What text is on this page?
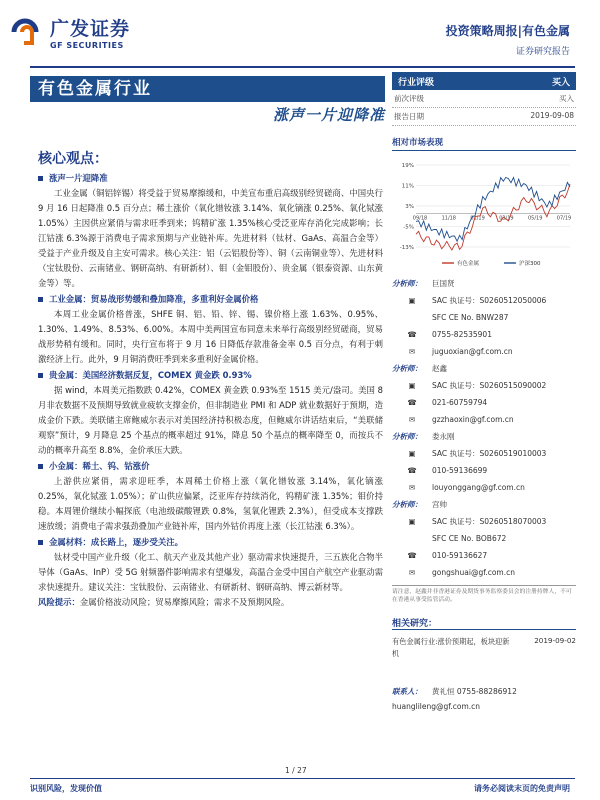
广发证券
GF SECURITIES
投资策略周报|有色金属
证券研究报告
有色金属行业
涨声一片迎降准
核心观点：
涨声一片迎降准

工业金属（铜铝锌锡）将受益于贸易摩擦缓和，中美宣布重启高级别经贸磋商、中国央行 9 月 16 日起降准 0.5 百分点；稀土涨价（氧化镨钕涨 3.14%、氧化镝涨 0.25%、氧化铽涨 1.05%）主因供应紧俏与需求旺季到来；钨精矿涨 1.35%核心受泛亚库存消化完成影响；长江钴涨 6.3%源于消费电子需求预期与产业链补库。先进材料（钛材、GaAs、高温合金等）受益于产业升级及自主安可需求。核心关注：铝（云铝股份等）、铜（云南铜业等）、先进材料（宝钛股份、云南锗业、钢研高纳、有研新材）、钼（金钼股份）、贵金属（银泰资源、山东黄金等）等。

工业金属：贸易战形势缓和叠加降准，多重利好金属价格

本周工业金属价格普涨，SHFE 铜、铝、铅、锌、锡、镍价格上涨 1.63%、0.95%、1.30%、1.49%、8.53%、6.00%。本周中美两国宣布同意未来举行高级别经贸磋商，贸易战形势稍有缓和。同时，央行宣布将于 9 月 16 日降低存款准备金率 0.5 百分点，有利于刺激经济上行。此外，9 月铜消费旺季到来多重利好金属价格。

贵金属：美国经济数据反复，COMEX 黄金跌 0.93%

据 wind，本周美元指数跌 0.42%，COMEX 黄金跌 0.93%至 1515 美元/盎司。美国 8 月非农数据不及预期导致就业疲软支撑金价，但非制造业 PMI 和 ADP 就业数据好于预期，造成金价下跌。美联储主席鲍威尔表示对美国经济持积极态度，但鲍威尔讲话结束后，“美联储观察”预计，9 月降息 25 个基点的概率超过 91%，降息 50 个基点的概率降至 0，而按兵不动的概率升高至 8.8%，金价承压大跌。

小金属：稀土、钨、钴涨价

上游供应紧俏，需求迎旺季，本周稀土价格上涨（氧化镨钕涨 3.14%，氧化镝涨 0.25%，氧化铽涨 1.05%）；矿山供应偏紧，泛亚库存持续消化，钨精矿涨 1.35%；钼价持稳。本周锂价继续小幅探底（电池级碳酸锂跌 0.8%，氢氧化锂跌 2.3%），但受成本支撑跌速放缓；消费电子需求强劲叠加产业链补库，国内外钴价再度上涨（长江钴涨 6.3%）。

金属材料：成长路上，逐步受关注。

钛材受中国产业升级（化工、航天产业及其他产业）驱动需求快速提升，三五族化合物半导体（GaAs、InP）受 5G 射频器件影响需求有望爆发，高温合金受中国自产航空产业驱动需求快速提升。建议关注：宝钛股份、云南锗业、有研新材、钢研高纳、博云新材等。

风险提示：金属价格波动风险；贸易摩擦风险；需求不及预期风险。

行业评级	买入
前次评级	买入
报告日期	2019-09-08
相对市场表现
19%
11%
3%
-5%
-13%
09/18	11/18	01/19	03/19	05/19	07/19
有色金属	沪深300
分析师：	巨国贤
▣	SAC 执证号：S0260512050006
SFC CE No. BNW287
☎	0755-82535901
✉	juguoxian@gf.com.cn
分析师：	赵鑫
▣	SAC 执证号：S0260515090002
☎	021-60759794
✉	gzzhaoxin@gf.com.cn
分析师：	娄永刚
▣	SAC 执证号：S0260519010003
☎	010-59136699
✉	louyonggang@gf.com.cn
分析师：	宫帅
▣	SAC 执证号：S0260518070003
SFC CE No. BOB672
☎	010-59136627
✉	gongshuai@gf.com.cn
请注意，赵鑫并非香港证券及期货事务监察委员会的注册持牌人，不可在香港从事受监管活动。
相关研究：
有色金属行业:涨价预期起，板块迎新机
2019-09-02
联系人： 黄礼恒 0755-88286912
huanglileng@gf.com.cn
1 / 27
识别风险，发现价值	请务必阅读末页的免责声明
